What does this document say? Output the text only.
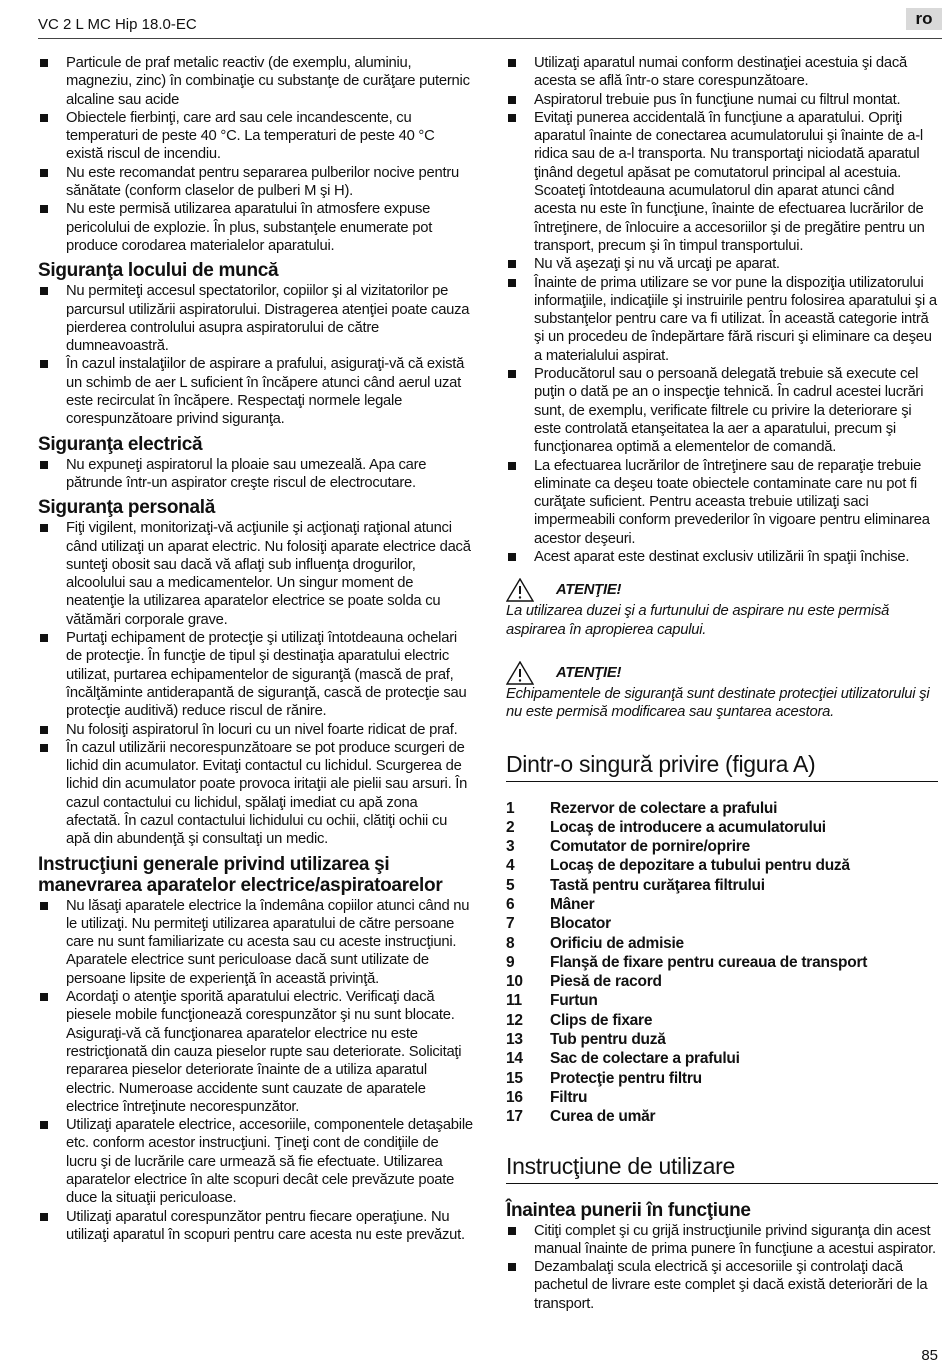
VC 2 L MC Hip 18.0-EC	ro
Particule de praf metalic reactiv (de exemplu, aluminiu, magneziu, zinc) în combinaţie cu substanţe de curăţare puternic alcaline sau acide
Obiectele fierbinţi, care ard sau cele incandescente, cu temperaturi de peste 40 °C. La temperaturi de peste 40 °C există riscul de incendiu.
Nu este recomandat pentru separarea pulberilor nocive pentru sănătate (conform claselor de pulberi M şi H).
Nu este permisă utilizarea aparatului în atmosfere expuse pericolului de explozie. În plus, substanţele enumerate pot produce corodarea materialelor aparatului.
Siguranţa locului de muncă
Nu permiteţi accesul spectatorilor, copiilor şi al vizitatorilor pe parcursul utilizării aspiratorului. Distragerea atenţiei poate cauza pierderea controlului asupra aspiratorului de către dumneavoastră.
În cazul instalaţiilor de aspirare a prafului, asiguraţi-vă că există un schimb de aer L suficient în încăpere atunci când aerul uzat este recirculat în încăpere. Respectaţi normele legale corespunzătoare privind siguranţa.
Siguranţa electrică
Nu expuneţi aspiratorul la ploaie sau umezeală. Apa care pătrunde într-un aspirator creşte riscul de electrocutare.
Siguranţa personală
Fiţi vigilent, monitorizaţi-vă acţiunile şi acţionaţi raţional atunci când utilizaţi un aparat electric. Nu folosiţi aparate electrice dacă sunteţi obosit sau dacă vă aflaţi sub influenţa drogurilor, alcoolului sau a medicamentelor. Un singur moment de neatenţie la utilizarea aparatelor electrice se poate solda cu vătămări corporale grave.
Purtaţi echipament de protecţie şi utilizaţi întotdeauna ochelari de protecţie. În funcţie de tipul şi destinaţia aparatului electric utilizat, purtarea echipamentelor de siguranţă (mască de praf, încălţăminte antiderapantă de siguranţă, cască de protecţie sau protecţie auditivă) reduce riscul de rănire.
Nu folosiţi aspiratorul în locuri cu un nivel foarte ridicat de praf.
În cazul utilizării necorespunzătoare se pot produce scurgeri de lichid din acumulator. Evitaţi contactul cu lichidul. Scurgerea de lichid din acumulator poate provoca iritaţii ale pielii sau arsuri. În cazul contactului cu lichidul, spălaţi imediat cu apă zona afectată. În cazul contactului lichidului cu ochii, clătiţi ochii cu apă din abundenţă şi consultaţi un medic.
Instrucţiuni generale privind utilizarea şi manevrarea aparatelor electrice/aspiratoarelor
Nu lăsaţi aparatele electrice la îndemâna copiilor atunci când nu le utilizaţi. Nu permiteţi utilizarea aparatului de către persoane care nu sunt familiarizate cu acesta sau cu aceste instrucţiuni. Aparatele electrice sunt periculoase dacă sunt utilizate de persoane lipsite de experienţă în această privinţă.
Acordaţi o atenţie sporită aparatului electric. Verificaţi dacă piesele mobile funcţionează corespunzător şi nu sunt blocate. Asiguraţi-vă că funcţionarea aparatelor electrice nu este restricţionată din cauza pieselor rupte sau deteriorate. Solicitaţi repararea pieselor deteriorate înainte de a utiliza aparatul electric. Numeroase accidente sunt cauzate de aparatele electrice întreţinute necorespunzător.
Utilizaţi aparatele electrice, accesoriile, componentele detaşabile etc. conform acestor instrucţiuni. Ţineţi cont de condiţiile de lucru şi de lucrările care urmează să fie efectuate. Utilizarea aparatelor electrice în alte scopuri decât cele prevăzute poate duce la situaţii periculoase.
Utilizaţi aparatul corespunzător pentru fiecare operaţiune. Nu utilizaţi aparatul în scopuri pentru care acesta nu este prevăzut.
Utilizaţi aparatul numai conform destinaţiei acestuia şi dacă acesta se află într-o stare corespunzătoare.
Aspiratorul trebuie pus în funcţiune numai cu filtrul montat.
Evitaţi punerea accidentală în funcţiune a aparatului. Opriţi aparatul înainte de conectarea acumulatorului şi înainte de a-l ridica sau de a-l transporta. Nu transportaţi niciodată aparatul ţinând degetul apăsat pe comutatorul principal al acestuia. Scoateţi întotdeauna acumulatorul din aparat atunci când acesta nu este în funcţiune, înainte de efectuarea lucrărilor de întreţinere, de înlocuire a accesoriilor şi de pregătire pentru un transport, precum şi în timpul transportului.
Nu vă aşezaţi şi nu vă urcaţi pe aparat.
Înainte de prima utilizare se vor pune la dispoziţia utilizatorului informaţiile, indicaţiile şi instruirile pentru folosirea aparatului şi a substanţelor pentru care va fi utilizat. În această categorie intră şi un procedeu de îndepărtare fără riscuri şi eliminare ca deşeu a materialului aspirat.
Producătorul sau o persoană delegată trebuie să execute cel puţin o dată pe an o inspecţie tehnică. În cadrul acestei lucrări sunt, de exemplu, verificate filtrele cu privire la deteriorare şi este controlată etanşeitatea la aer a aparatului, precum şi funcţionarea optimă a elementelor de comandă.
La efectuarea lucrărilor de întreţinere sau de reparaţie trebuie eliminate ca deşeu toate obiectele contaminate care nu pot fi curăţate suficient. Pentru aceasta trebuie utilizaţi saci impermeabili conform prevederilor în vigoare pentru eliminarea acestor deşeuri.
Acest aparat este destinat exclusiv utilizării în spaţii închise.
ATENŢIE!
La utilizarea duzei şi a furtunului de aspirare nu este permisă aspirarea în apropierea capului.
ATENŢIE!
Echipamentele de siguranţă sunt destinate protecţiei utilizatorului şi nu este permisă modificarea sau şuntarea acestora.
Dintr-o singură privire (figura A)
1	Rezervor de colectare a prafului
2	Locaş de introducere a acumulatorului
3	Comutator de pornire/oprire
4	Locaş de depozitare a tubului pentru duză
5	Tastă pentru curăţarea filtrului
6	Mâner
7	Blocator
8	Orificiu de admisie
9	Flanşă de fixare pentru cureaua de transport
10	Piesă de racord
11	Furtun
12	Clips de fixare
13	Tub pentru duză
14	Sac de colectare a prafului
15	Protecţie pentru filtru
16	Filtru
17	Curea de umăr
Instrucţiune de utilizare
Înaintea punerii în funcţiune
Citiţi complet şi cu grijă instrucţiunile privind siguranţa din acest manual înainte de prima punere în funcţiune a acestui aspirator.
Dezambalaţi scula electrică şi accesoriile şi controlaţi dacă pachetul de livrare este complet şi dacă există deteriorări de la transport.
85
